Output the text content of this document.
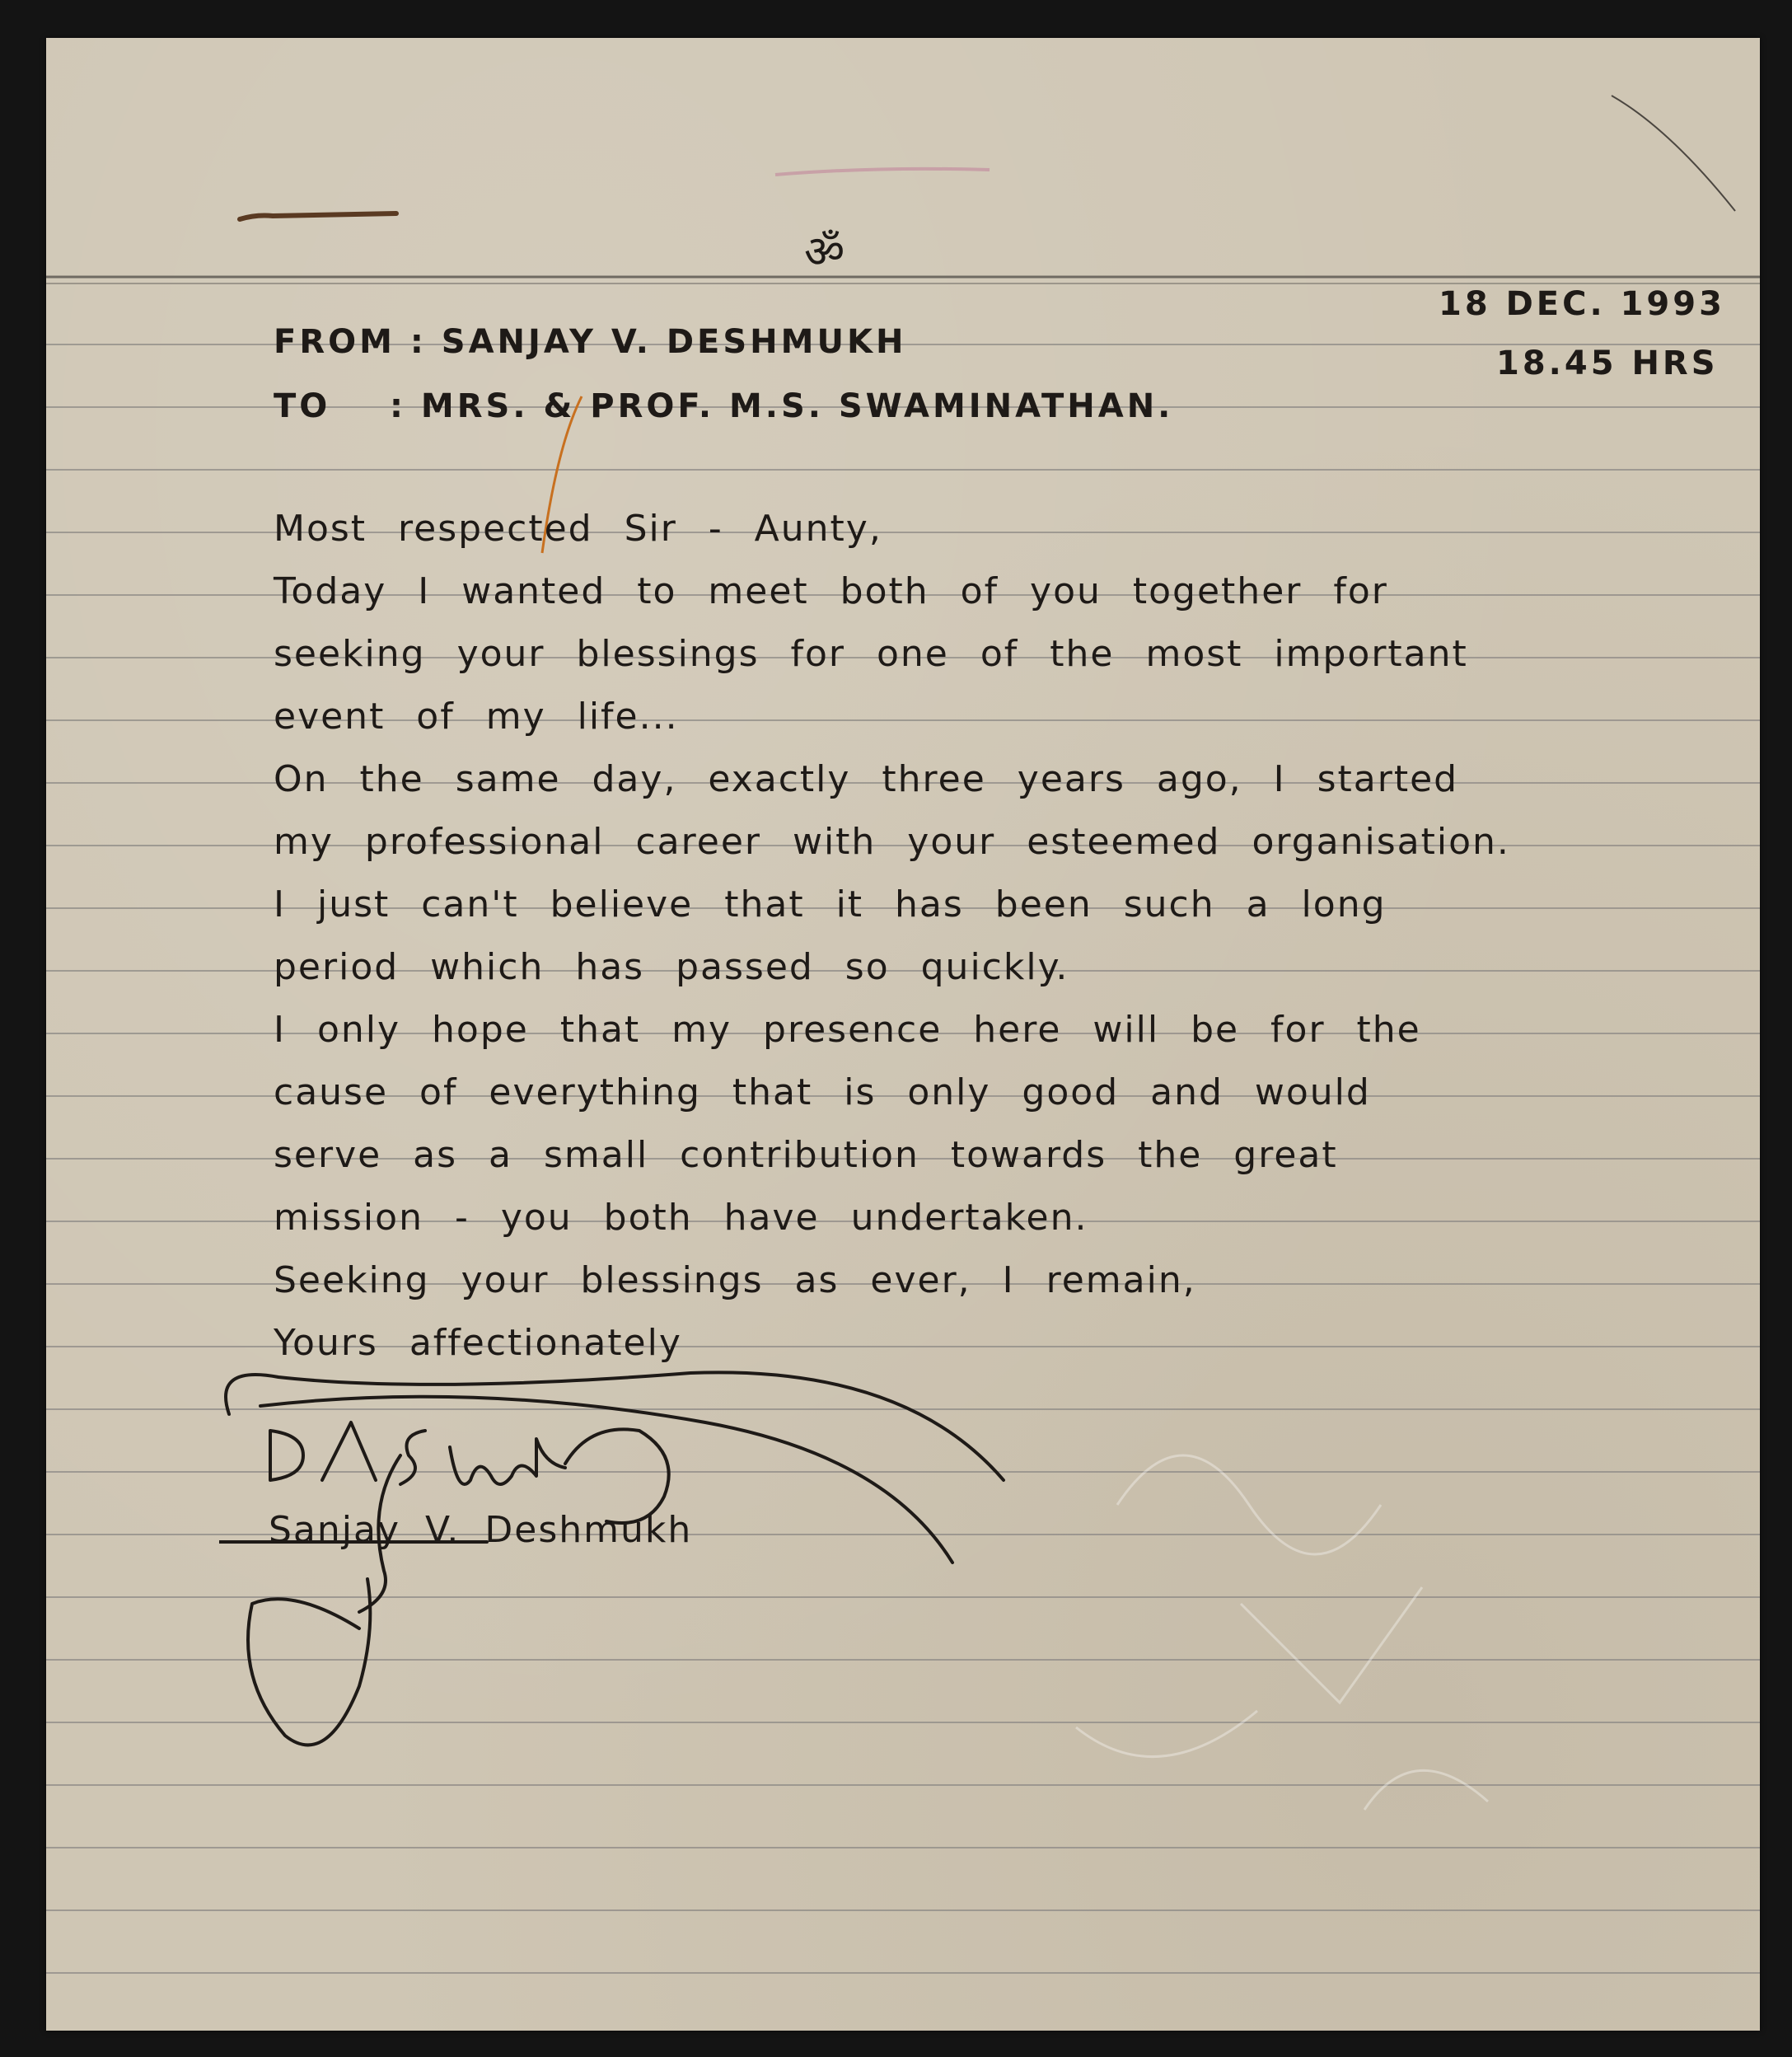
ॐ
18 DEC. 1993
18.45 HRS
FROM : SANJAY V. DESHMUKH
TO    : MRS. & PROF. M.S. SWAMINATHAN.
Most respected Sir - Aunty,
Today I wanted to meet both of you together for
seeking your blessings for one of the most important
event of my life...
On the same day, exactly three years ago, I started
my professional career with your esteemed organisation.
I just can't believe that it has been such a long
period which has passed so quickly.
I only hope that my presence here will be for the
cause of everything that is only good and would
serve as a small contribution towards the great
mission - you both have undertaken.
Seeking your blessings as ever, I remain,
Yours affectionately
Sanjay V. Deshmukh
